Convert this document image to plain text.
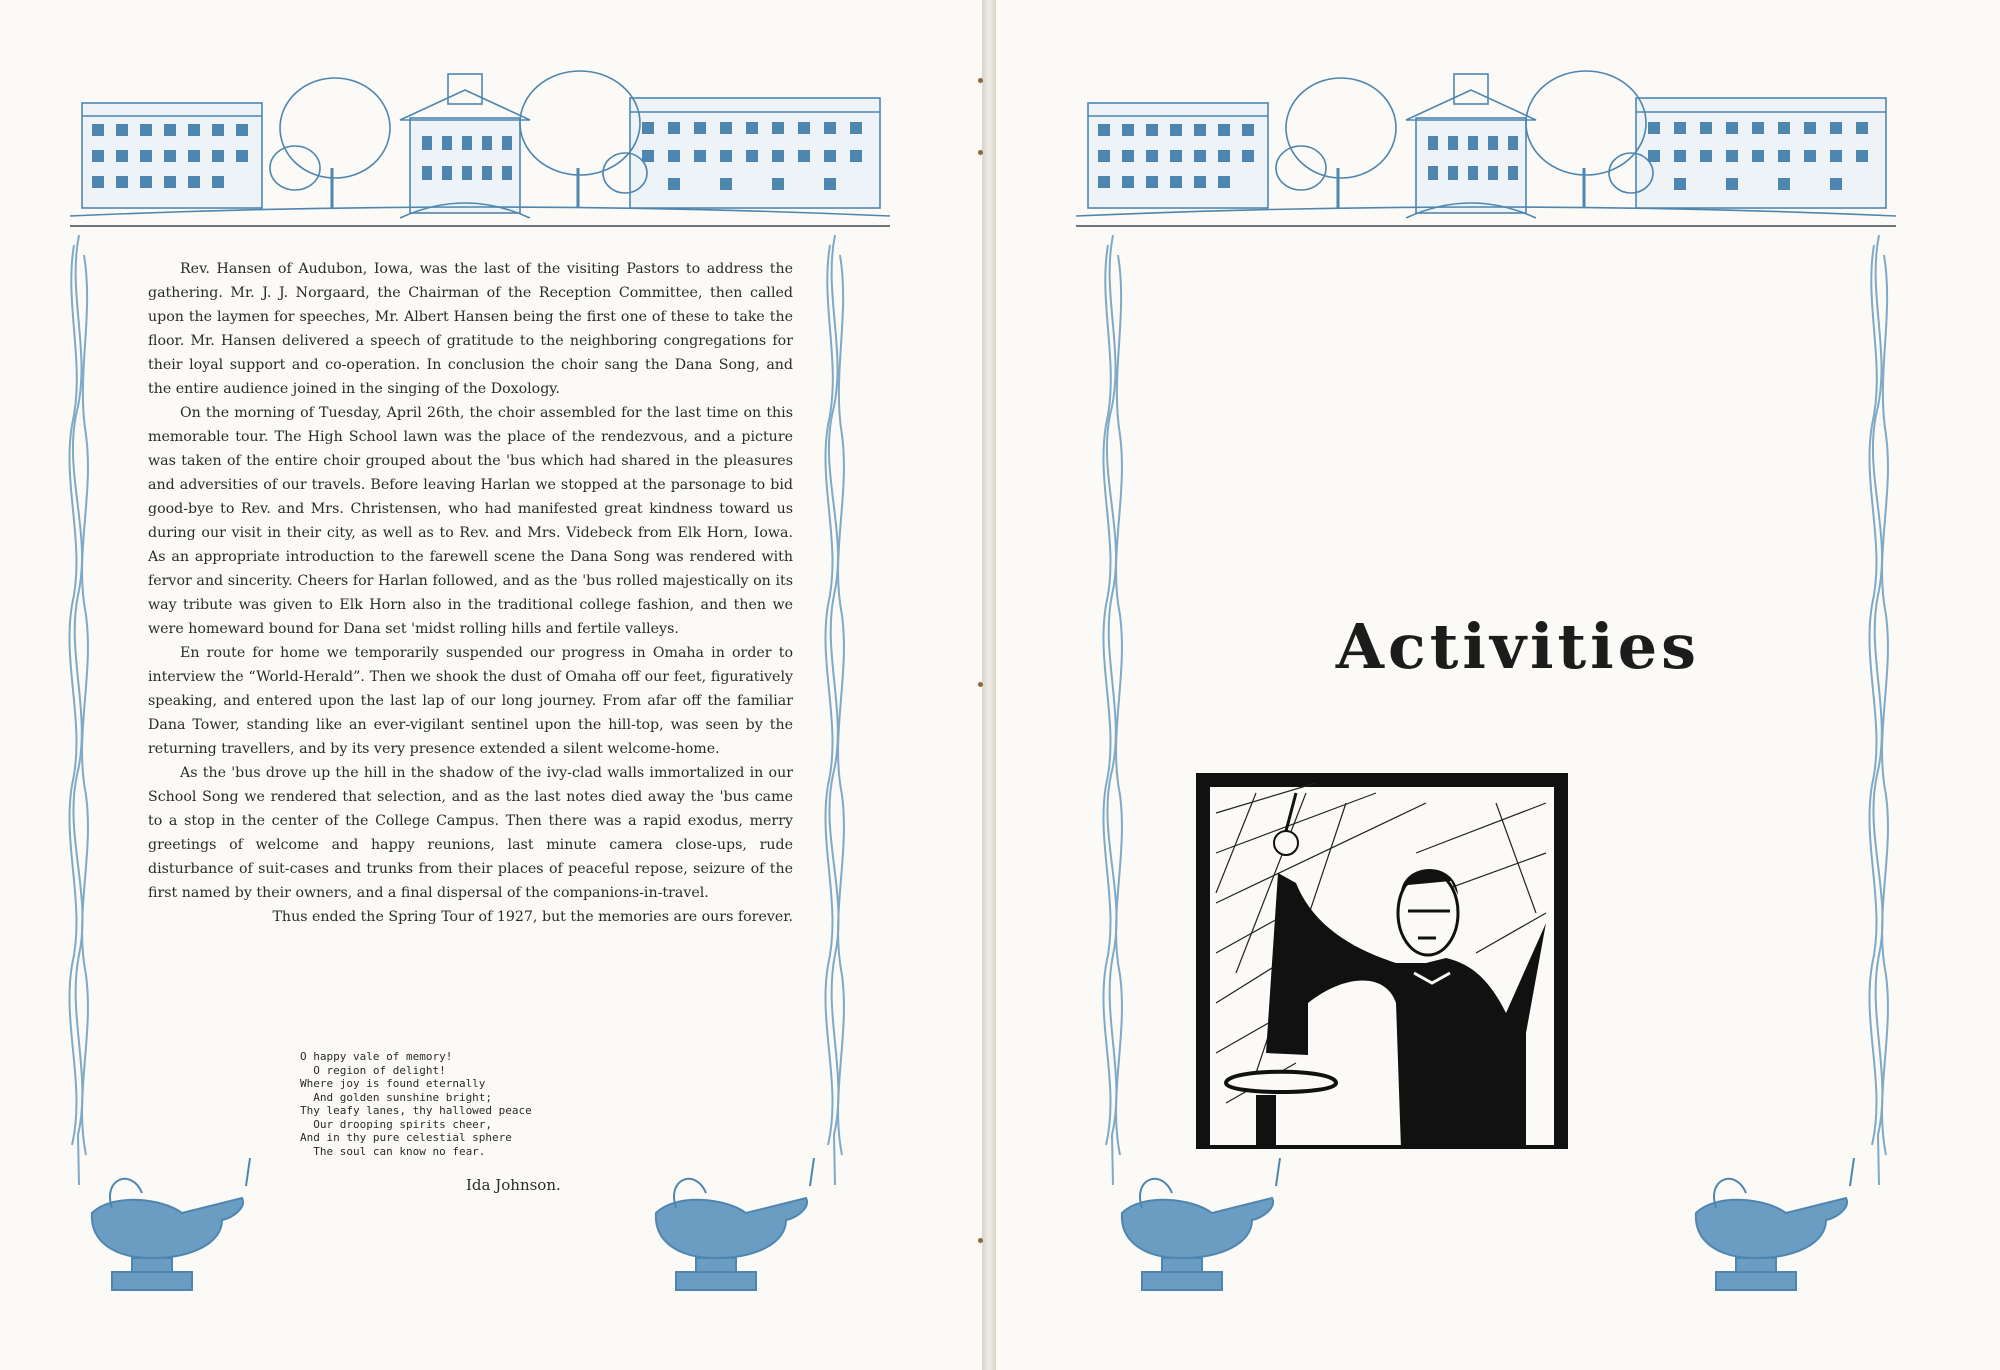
Rev. Hansen of Audubon, Iowa, was the last of the visiting Pastors to address the gathering. Mr. J. J. Norgaard, the Chairman of the Reception Committee, then called upon the laymen for speeches, Mr. Albert Hansen being the first one of these to take the floor. Mr. Hansen delivered a speech of gratitude to the neighboring congregations for their loyal support and co-operation. In conclusion the choir sang the Dana Song, and the entire audience joined in the singing of the Doxology.

On the morning of Tuesday, April 26th, the choir assembled for the last time on this memorable tour. The High School lawn was the place of the rendezvous, and a picture was taken of the entire choir grouped about the 'bus which had shared in the pleasures and adversities of our travels. Before leaving Harlan we stopped at the parsonage to bid good-bye to Rev. and Mrs. Christensen, who had manifested great kindness toward us during our visit in their city, as well as to Rev. and Mrs. Videbeck from Elk Horn, Iowa. As an appropriate introduction to the farewell scene the Dana Song was rendered with fervor and sincerity. Cheers for Harlan followed, and as the 'bus rolled majestically on its way tribute was given to Elk Horn also in the traditional college fashion, and then we were homeward bound for Dana set 'midst rolling hills and fertile valleys.

En route for home we temporarily suspended our progress in Omaha in order to interview the “World-Herald”. Then we shook the dust of Omaha off our feet, figuratively speaking, and entered upon the last lap of our long journey. From afar off the familiar Dana Tower, standing like an ever-vigilant sentinel upon the hill-top, was seen by the returning travellers, and by its very presence extended a silent welcome-home.

As the 'bus drove up the hill in the shadow of the ivy-clad walls immortalized in our School Song we rendered that selection, and as the last notes died away the 'bus came to a stop in the center of the College Campus. Then there was a rapid exodus, merry greetings of welcome and happy reunions, last minute camera close-ups, rude disturbance of suit-cases and trunks from their places of peaceful repose, seizure of the first named by their owners, and a final dispersal of the companions-in-travel.

Thus ended the Spring Tour of 1927, but the memories are ours forever.

O happy vale of memory!
O region of delight!
Where joy is found eternally
And golden sunshine bright;
Thy leafy lanes, thy hallowed peace
Our drooping spirits cheer,
And in thy pure celestial sphere
The soul can know no fear.
Ida Johnson.
Activities
